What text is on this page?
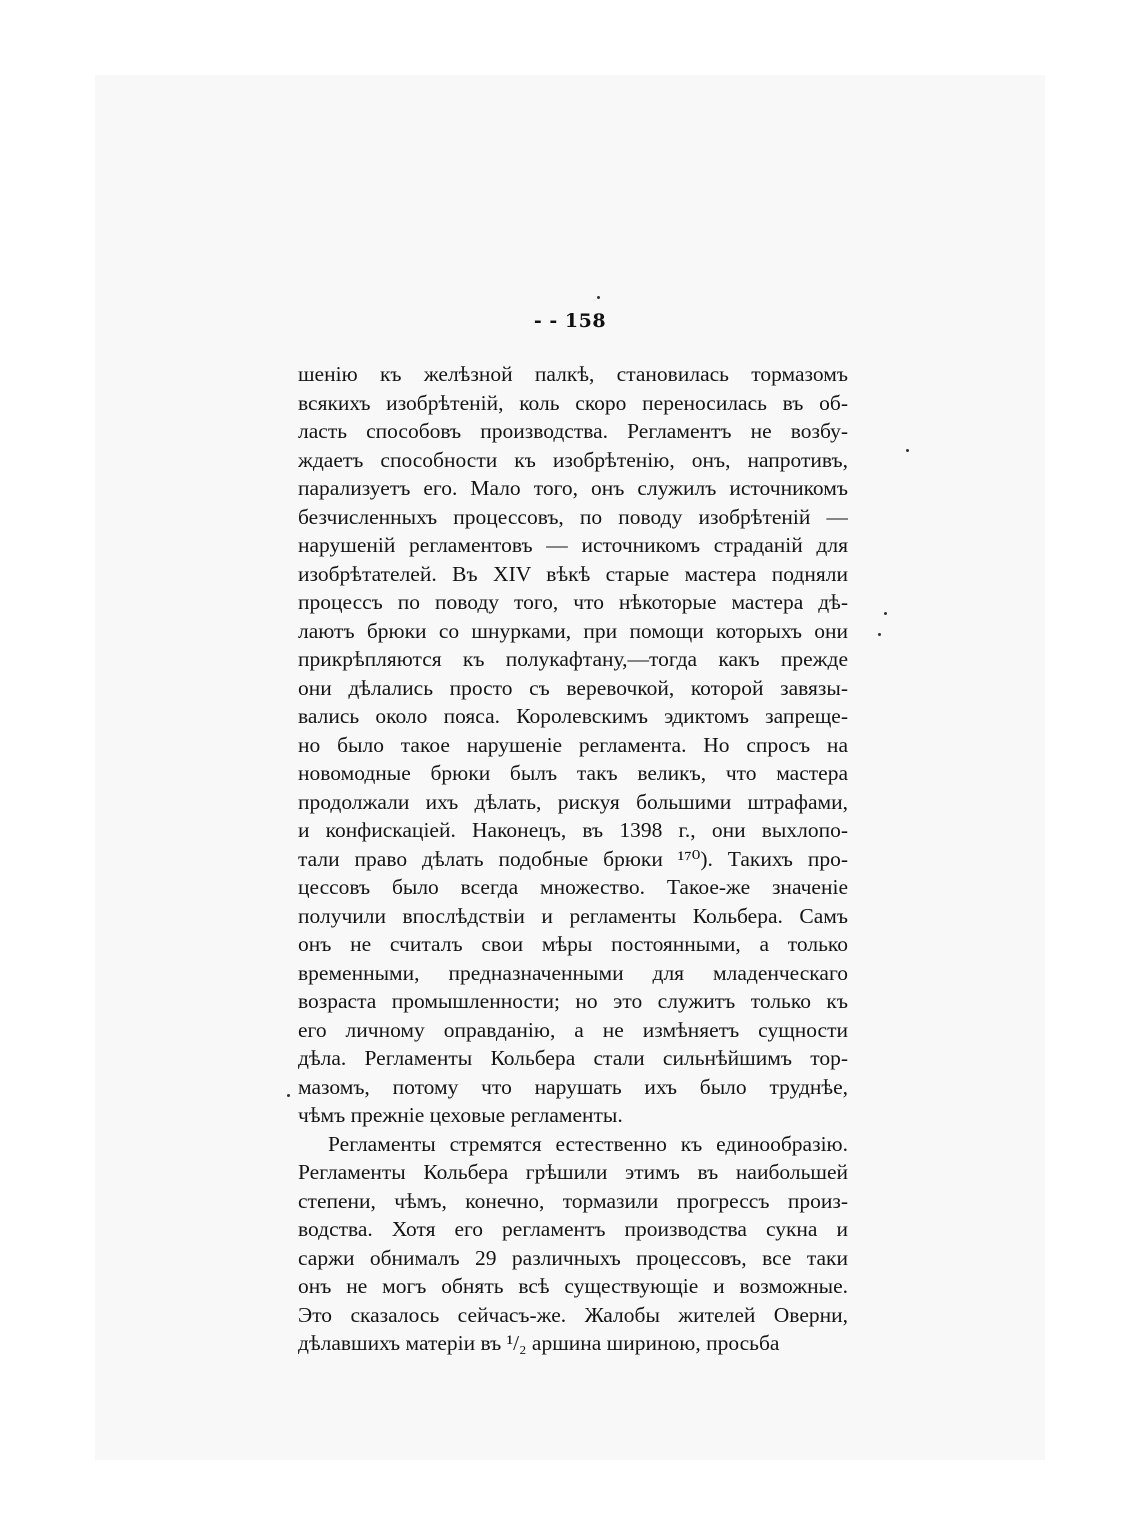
- - 158
шенію къ желѣзной палкѣ, становилась тормазомъ
всякихъ изобрѣтеній, коль скоро переносилась въ об-
ласть способовъ производства. Регламентъ не возбу-
ждаетъ способности къ изобрѣтенію, онъ, напротивъ,
парализуетъ его. Мало того, онъ служилъ источникомъ
безчисленныхъ процессовъ, по поводу изобрѣтеній —
нарушеній регламентовъ — источникомъ страданій для
изобрѣтателей. Въ XIV вѣкѣ старые мастера подняли
процессъ по поводу того, что нѣкоторые мастера дѣ-
лаютъ брюки со шнурками, при помощи которыхъ они
прикрѣпляются къ полукафтану,—тогда какъ прежде
они дѣлались просто съ веревочкой, которой завязы-
вались около пояса. Королевскимъ эдиктомъ запреще-
но было такое нарушеніе регламента. Но спросъ на
новомодные брюки былъ такъ великъ, что мастера
продолжали ихъ дѣлать, рискуя большими штрафами,
и конфискаціей. Наконецъ, въ 1398 г., они выхлопо-
тали право дѣлать подобные брюки ¹⁷⁰). Такихъ про-
цессовъ было всегда множество. Такое-же значеніе
получили впослѣдствіи и регламенты Кольбера. Самъ
онъ не считалъ свои мѣры постоянными, а только
временными, предназначенными для младенческаго
возраста промышленности; но это служитъ только къ
его личному оправданію, а не измѣняетъ сущности
дѣла. Регламенты Кольбера стали сильнѣйшимъ тор-
мазомъ, потому что нарушать ихъ было труднѣе,
чѣмъ прежніе цеховые регламенты.
Регламенты стремятся естественно къ единообразію.
Регламенты Кольбера грѣшили этимъ въ наибольшей
степени, чѣмъ, конечно, тормазили прогрессъ произ-
водства. Хотя его регламентъ производства сукна и
саржи обнималъ 29 различныхъ процессовъ, все таки
онъ не могъ обнять всѣ существующіе и возможные.
Это сказалось сейчасъ-же. Жалобы жителей Оверни,
дѣлавшихъ матеріи въ ¹/₂ аршина шириною, просьба
